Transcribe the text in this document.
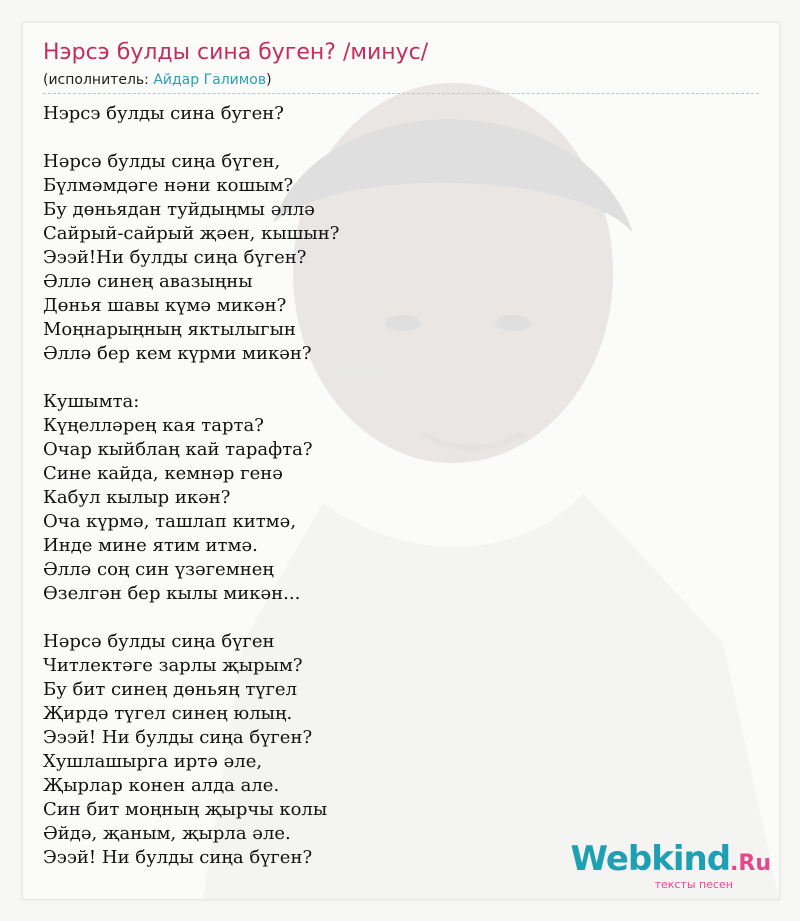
Нэрсэ булды сина буген? /минус/
(исполнитель: Айдар Галимов)
Нэрсэ булды сина буген?
Нәрсә булды сиңа бүген,
Бүлмәмдәге нәни кошым?
Бу дөньядан туйдыңмы әллә
Сайрый-сайрый җәен, кышын?
Эээй!Ни булды сиңа бүген?
Әллә синең авазыңны
Дөнья шавы күмә микән?
Моңнарыңның яктылыгын
Әллә бер кем күрми микән?
Кушымта:
Күңелләрең кая тарта?
Очар кыйблаң кай тарафта?
Сине кайда, кемнәр генә
Кабул кылыр икән?
Оча күрмә, ташлап китмә,
Инде мине ятим итмә.
Әллә соң син үзәгемнең
Өзелгән бер кылы микән...
Нәрсә булды сиңа бүген
Читлектәге зарлы җырым?
Бу бит синең дөньяң түгел
Җирдә түгел синең юлың.
Эээй! Ни булды сиңа бүген?
Хушлашырга иртә әле,
Җырлар конен алда але.
Син бит моңның җырчы колы
Әйдә, җаным, җырла әле.
Эээй! Ни булды сиңа бүген?	Webkind.Ru
тексты песен
